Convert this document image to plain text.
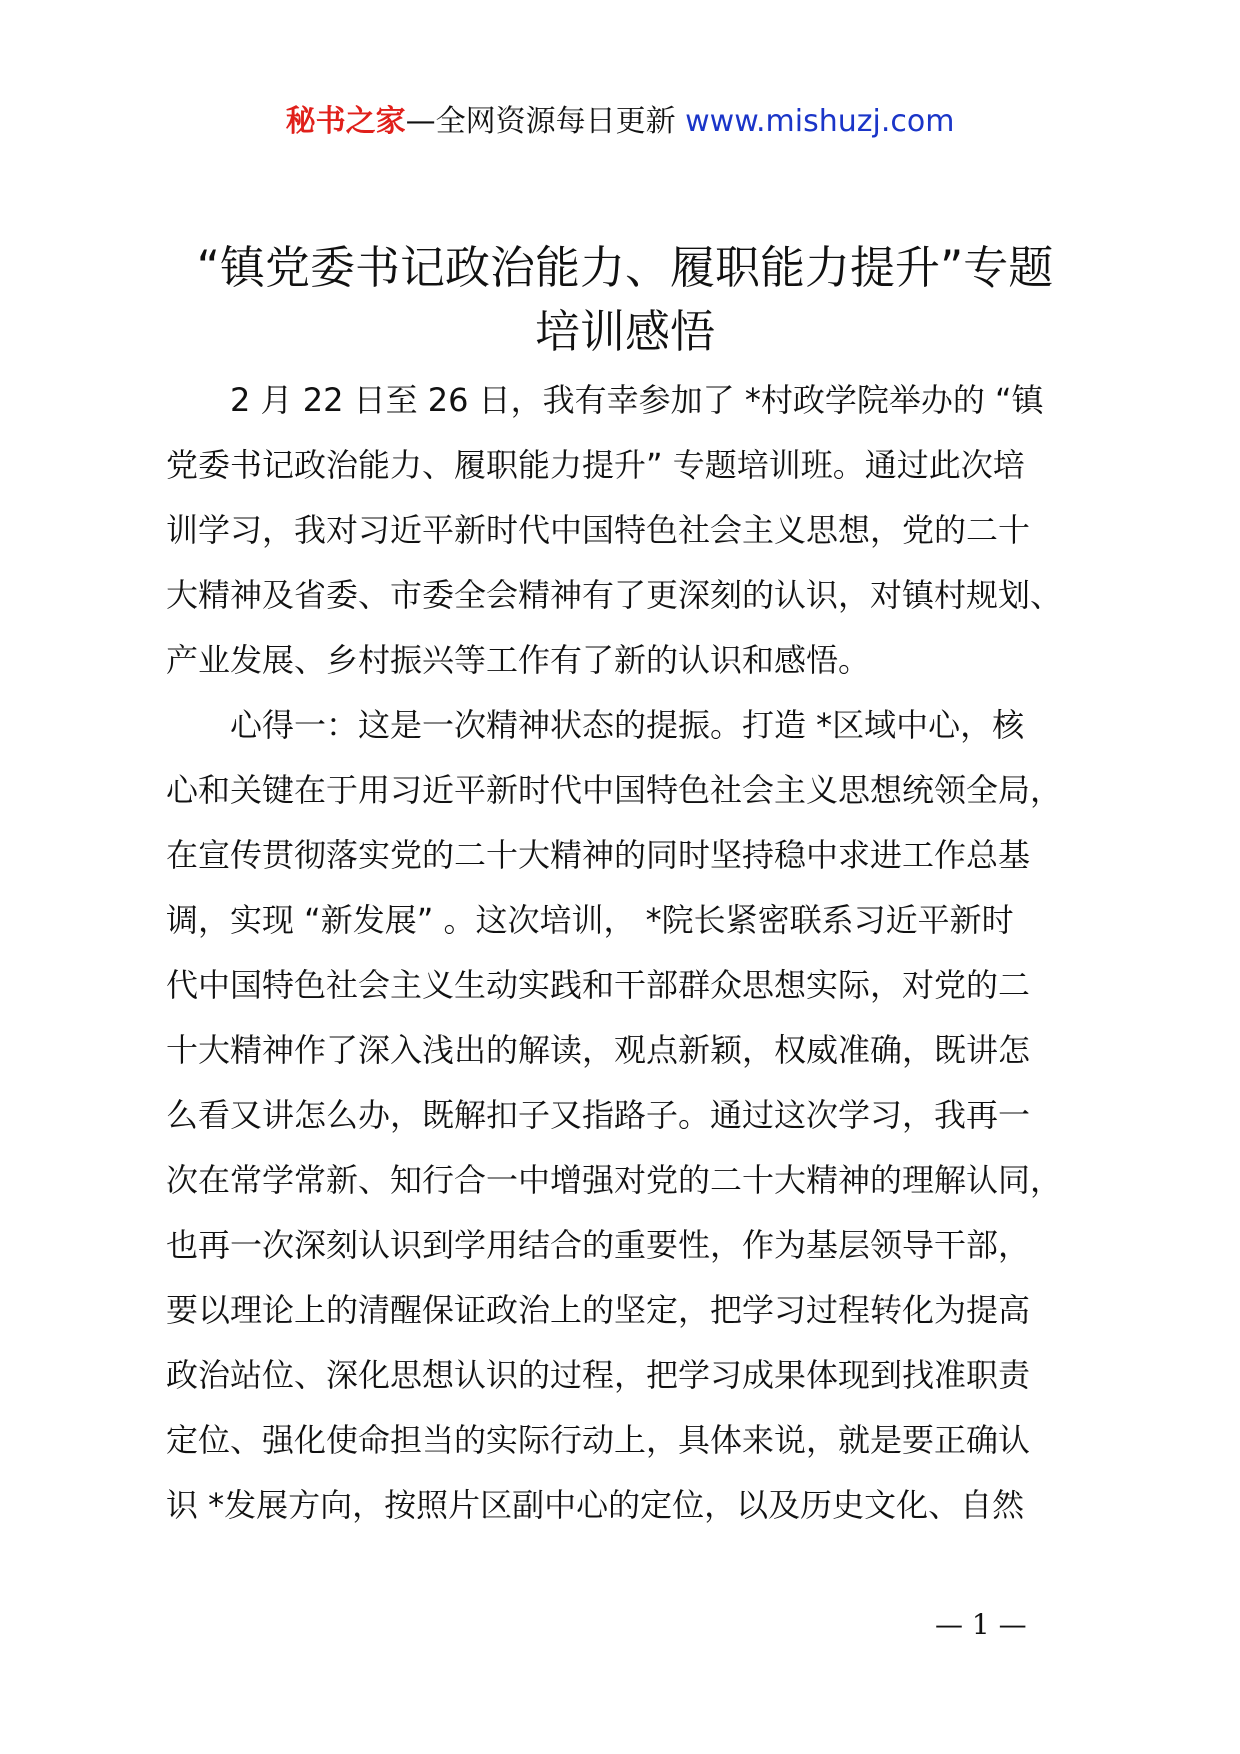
秘书之家—全网资源每日更新 www.mishuzj.com
“镇党委书记政治能力、履职能力提升”专题
培训感悟

　　2 月 22 日至 26 日，我有幸参加了 *村政学院举办的 “镇
党委书记政治能力、履职能力提升” 专题培训班。通过此次培
训学习，我对习近平新时代中国特色社会主义思想，党的二十
大精神及省委、市委全会精神有了更深刻的认识，对镇村规划、
产业发展、乡村振兴等工作有了新的认识和感悟。

　　心得一：这是一次精神状态的提振。打造 *区域中心，核
心和关键在于用习近平新时代中国特色社会主义思想统领全局，
在宣传贯彻落实党的二十大精神的同时坚持稳中求进工作总基
调，实现 “新发展” 。这次培训， *院长紧密联系习近平新时
代中国特色社会主义生动实践和干部群众思想实际，对党的二
十大精神作了深入浅出的解读，观点新颖，权威准确，既讲怎
么看又讲怎么办，既解扣子又指路子。通过这次学习，我再一
次在常学常新、知行合一中增强对党的二十大精神的理解认同，
也再一次深刻认识到学用结合的重要性，作为基层领导干部，
要以理论上的清醒保证政治上的坚定，把学习过程转化为提高
政治站位、深化思想认识的过程，把学习成果体现到找准职责
定位、强化使命担当的实际行动上，具体来说，就是要正确认
识 *发展方向，按照片区副中心的定位，以及历史文化、自然

— 1 —
